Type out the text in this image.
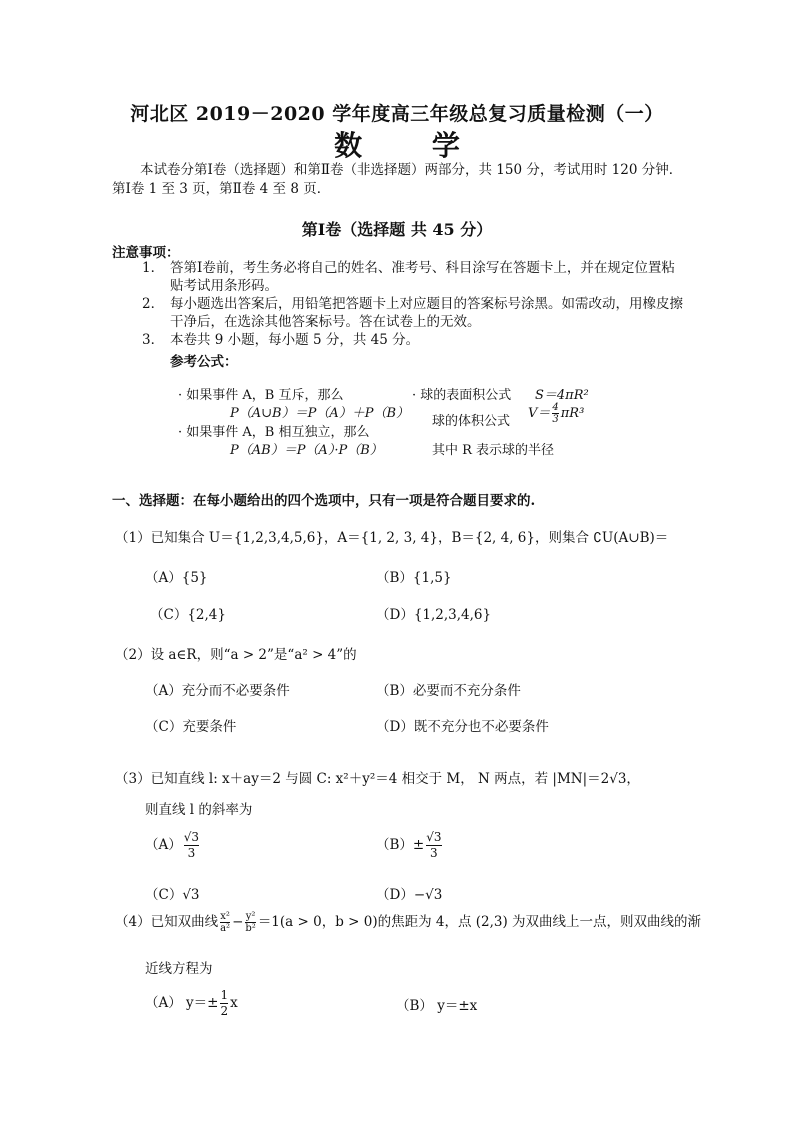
河北区 2019－2020 学年度高三年级总复习质量检测（一）
数 学
本试卷分第Ⅰ卷（选择题）和第Ⅱ卷（非选择题）两部分，共 150 分，考试用时 120 分钟．第Ⅰ卷 1 至 3 页，第Ⅱ卷 4 至 8 页．
第Ⅰ卷（选择题 共 45 分）
注意事项：
1． 答第Ⅰ卷前，考生务必将自己的姓名、准考号、科目涂写在答题卡上，并在规定位置粘贴考试用条形码。
2． 每小题选出答案后，用铅笔把答题卡上对应题目的答案标号涂黑。如需改动，用橡皮擦干净后，在选涂其他答案标号。答在试卷上的无效。
3． 本卷共 9 小题，每小题 5 分，共 45 分。
参考公式：
· 如果事件 A，B 互斥，那么
P（A∪B）＝P（A）＋P（B）
· 如果事件 A，B 相互独立，那么
P（AB）＝P（A）·P（B）
· 球的表面积公式 S＝4πR²
球的体积公式
$V= \frac{4}{3} \pi R^3$
其中 R 表示球的半径
一、选择题：在每小题给出的四个选项中，只有一项是符合题目要求的.
（1）已知集合 U＝{1,2,3,4,5,6}，A＝{1, 2, 3, 4}，B＝{2, 4, 6}，则集合 ∁U(A∪B)＝
（A）{5}	（B）{1,5}
（C）{2,4}	（D）{1,2,3,4,6}
（2）设 a∈R，则“a > 2”是“a² > 4”的
（A）充分而不必要条件	（B）必要而不充分条件
（C）充要条件	（D）既不充分也不必要条件
（3）已知直线 l: x＋ay＝2 与圆 C: x²＋y²＝4 相交于 M， N 两点，若 |MN|＝2√3，
则直线 l 的斜率为
$(A) \frac{√3}{3}$	$(B)\pm \frac{√3}{3}$
（C）√3	（D）−√3
（4）已知双曲线 $\frac{\text{x²}}{\text{a²}} - \frac{\text{y²}}{\text{b²}} =1(a > 0$，b > 0)的焦距为 4，点 (2,3) 为双曲线上一点，则双曲线的渐
近线方程为
（A） $y=\pm \frac{1}{2}$ x	（B） y＝±x
